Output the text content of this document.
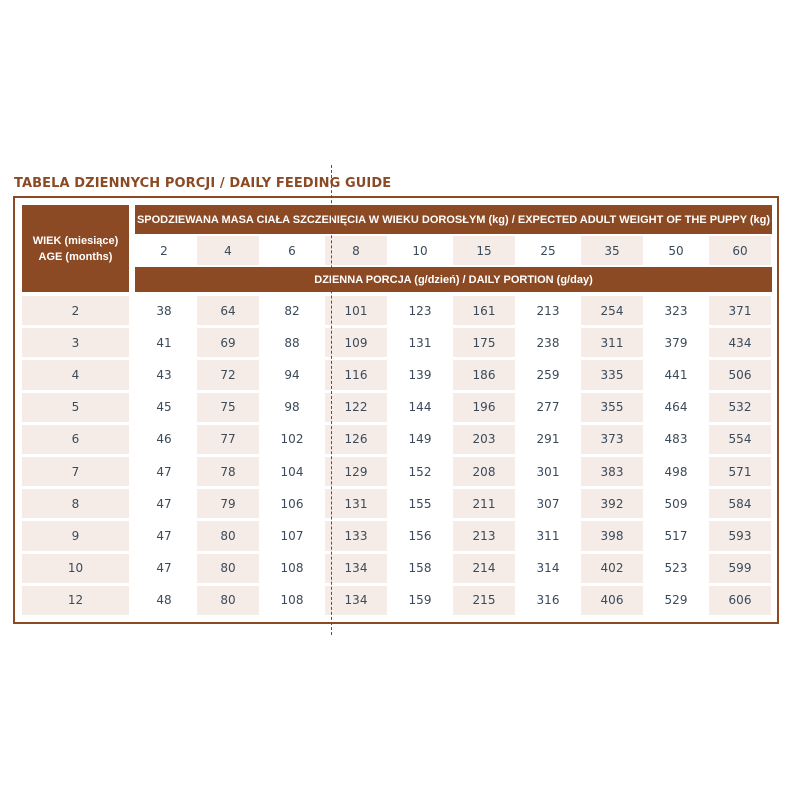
TABELA DZIENNYCH PORCJI / DAILY FEEDING GUIDE
WIEK (miesiące)
AGE (months)
SPODZIEWANA MASA CIAŁA SZCZENIĘCIA W WIEKU DOROSŁYM (kg) / EXPECTED ADULT WEIGHT OF THE PUPPY (kg)
DZIENNA PORCJA (g/dzień) / DAILY PORTION (g/day)
2	4	6	8	10	15	25	35	50	60
2	38	64	82	101	123	161	213	254	323	371
3	41	69	88	109	131	175	238	311	379	434
4	43	72	94	116	139	186	259	335	441	506
5	45	75	98	122	144	196	277	355	464	532
6	46	77	102	126	149	203	291	373	483	554
7	47	78	104	129	152	208	301	383	498	571
8	47	79	106	131	155	211	307	392	509	584
9	47	80	107	133	156	213	311	398	517	593
10	47	80	108	134	158	214	314	402	523	599
12	48	80	108	134	159	215	316	406	529	606
